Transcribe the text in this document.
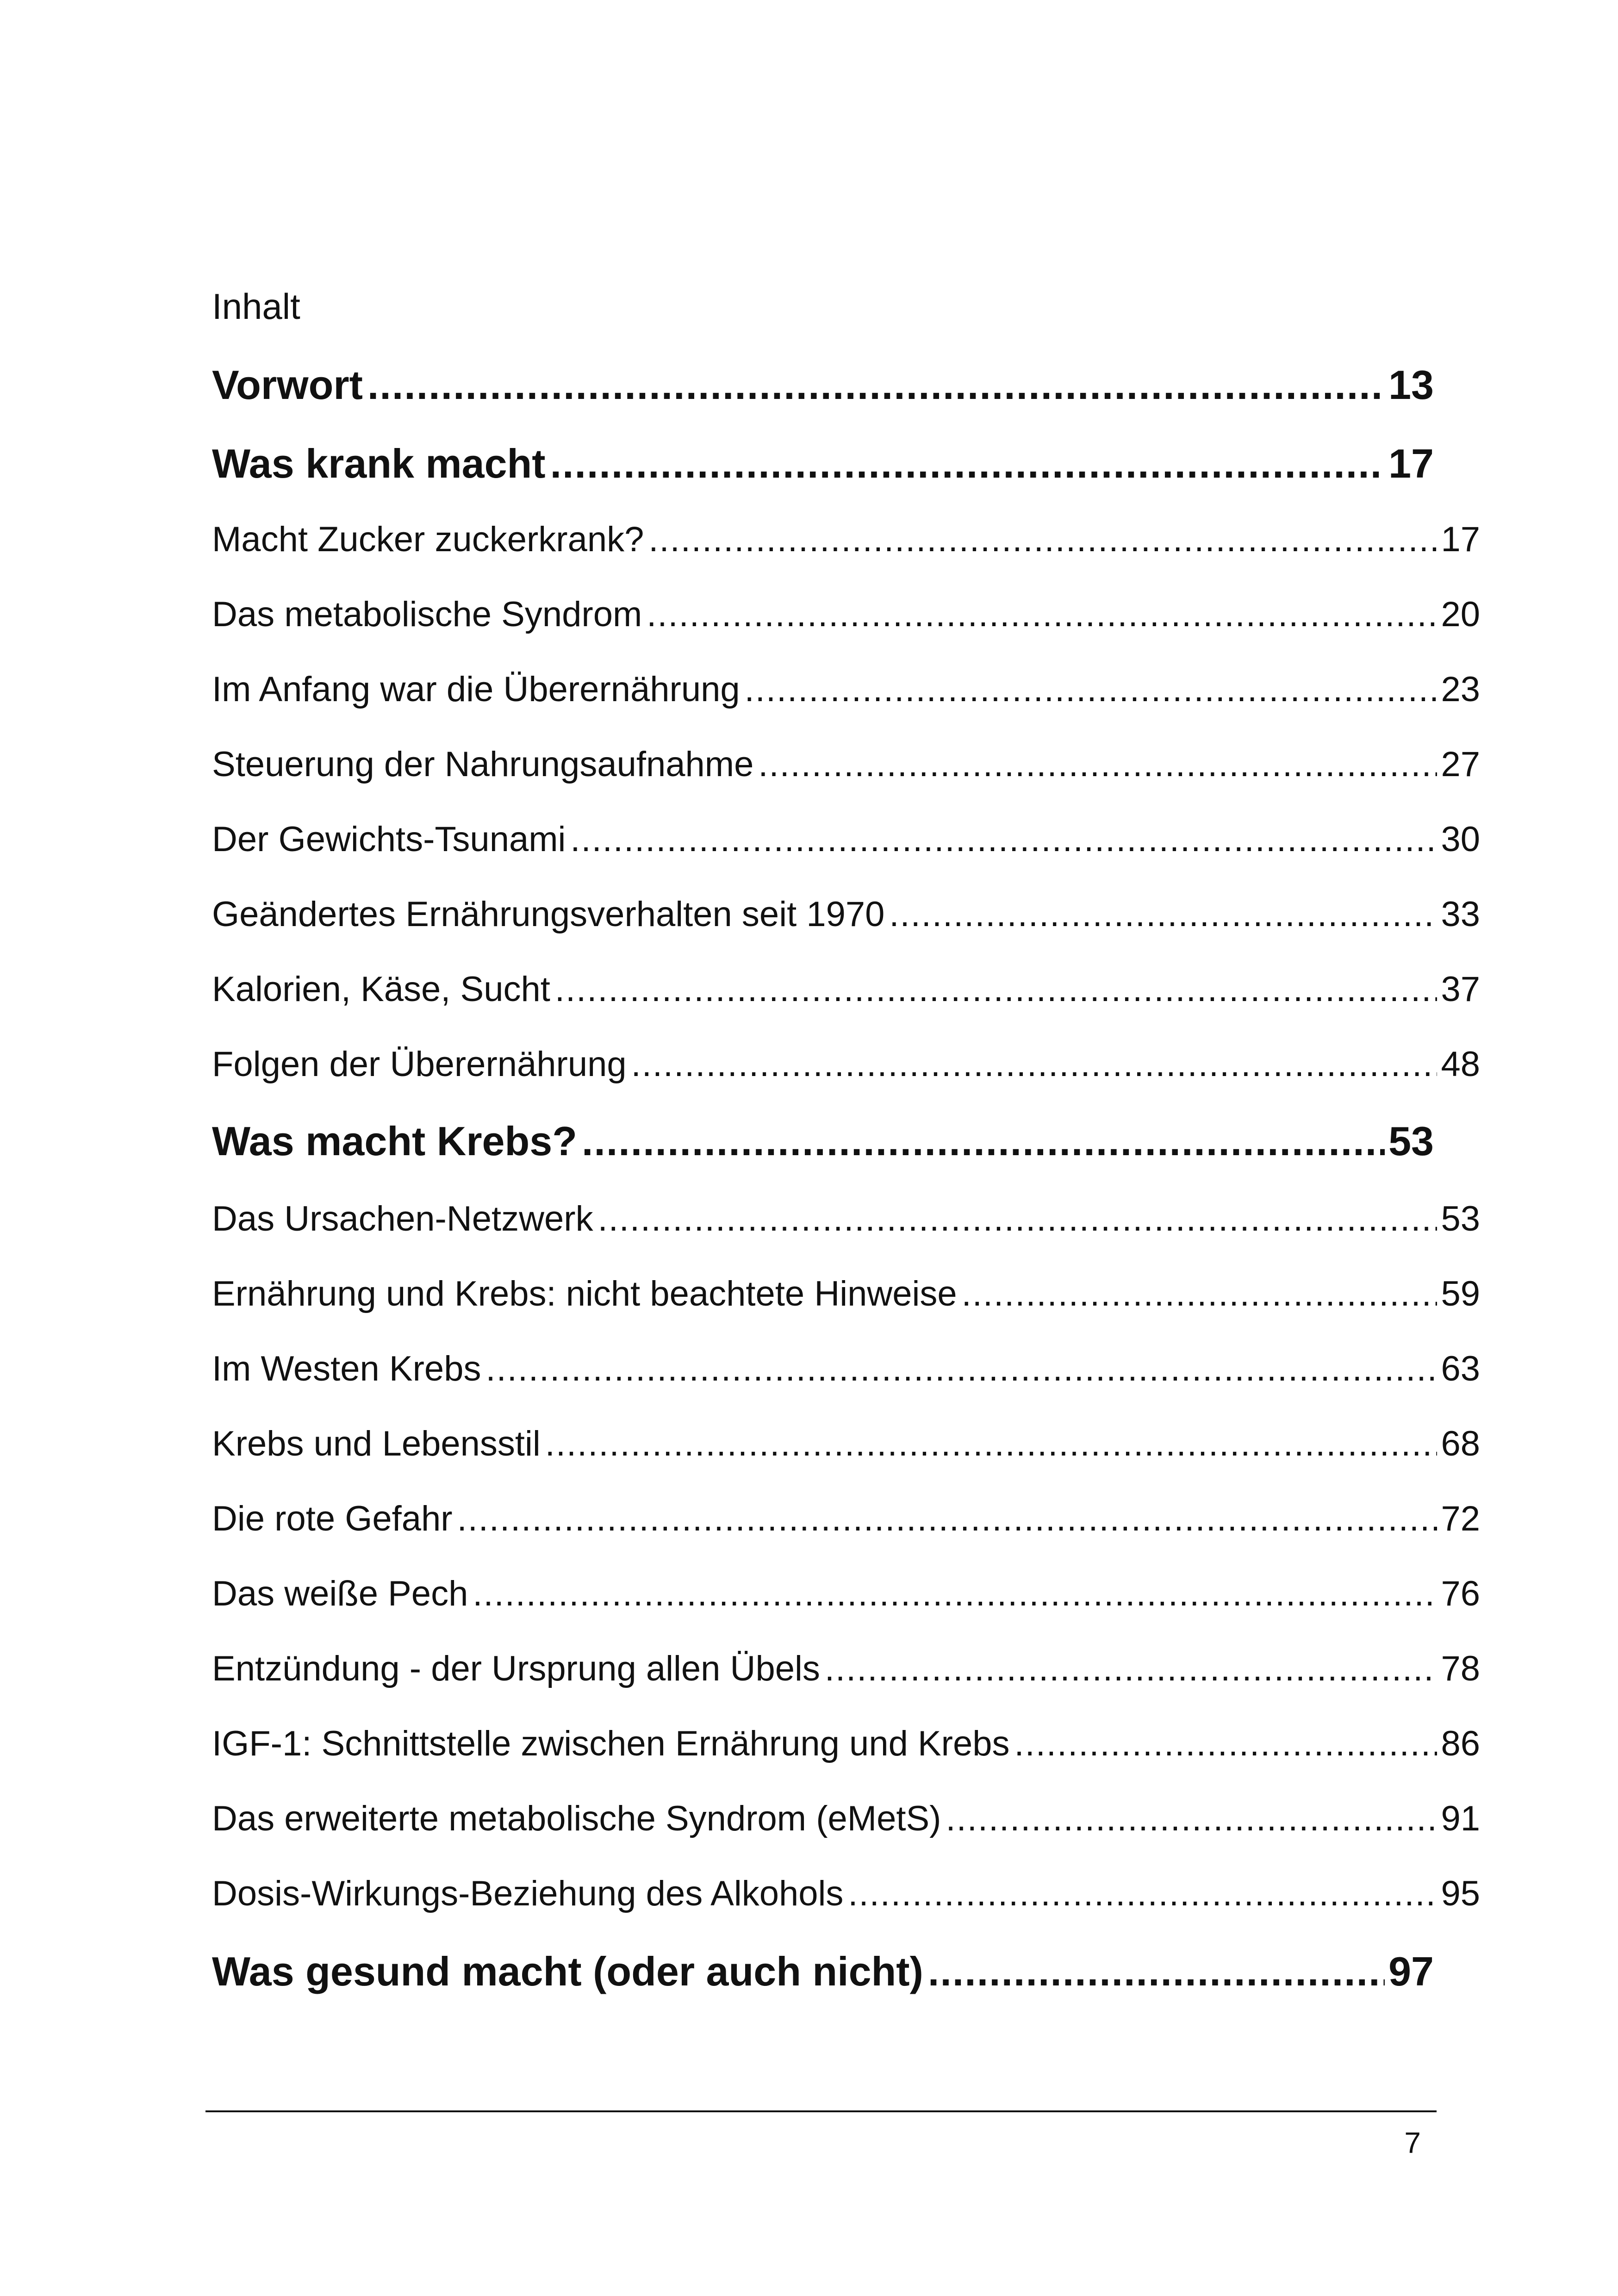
Inhalt
Vorwort .....	13
Was krank macht .....	17
Macht Zucker zuckerkrank? .....	17
Das metabolische Syndrom .....	20
Im Anfang war die Überernährung .....	23
Steuerung der Nahrungsaufnahme .....	27
Der Gewichts-Tsunami .....	30
Geändertes Ernährungsverhalten seit 1970 .....	33
Kalorien, Käse, Sucht .....	37
Folgen der Überernährung .....	48
Was macht Krebs? .....	53
Das Ursachen-Netzwerk .....	53
Ernährung und Krebs: nicht beachtete Hinweise .....	59
Im Westen Krebs .....	63
Krebs und Lebensstil .....	68
Die rote Gefahr .....	72
Das weiße Pech .....	76
Entzündung - der Ursprung allen Übels .....	78
IGF-1: Schnittstelle zwischen Ernährung und Krebs .....	86
Das erweiterte metabolische Syndrom (eMetS) .....	91
Dosis-Wirkungs-Beziehung des Alkohols .....	95
Was gesund macht (oder auch nicht) .....	97
7
